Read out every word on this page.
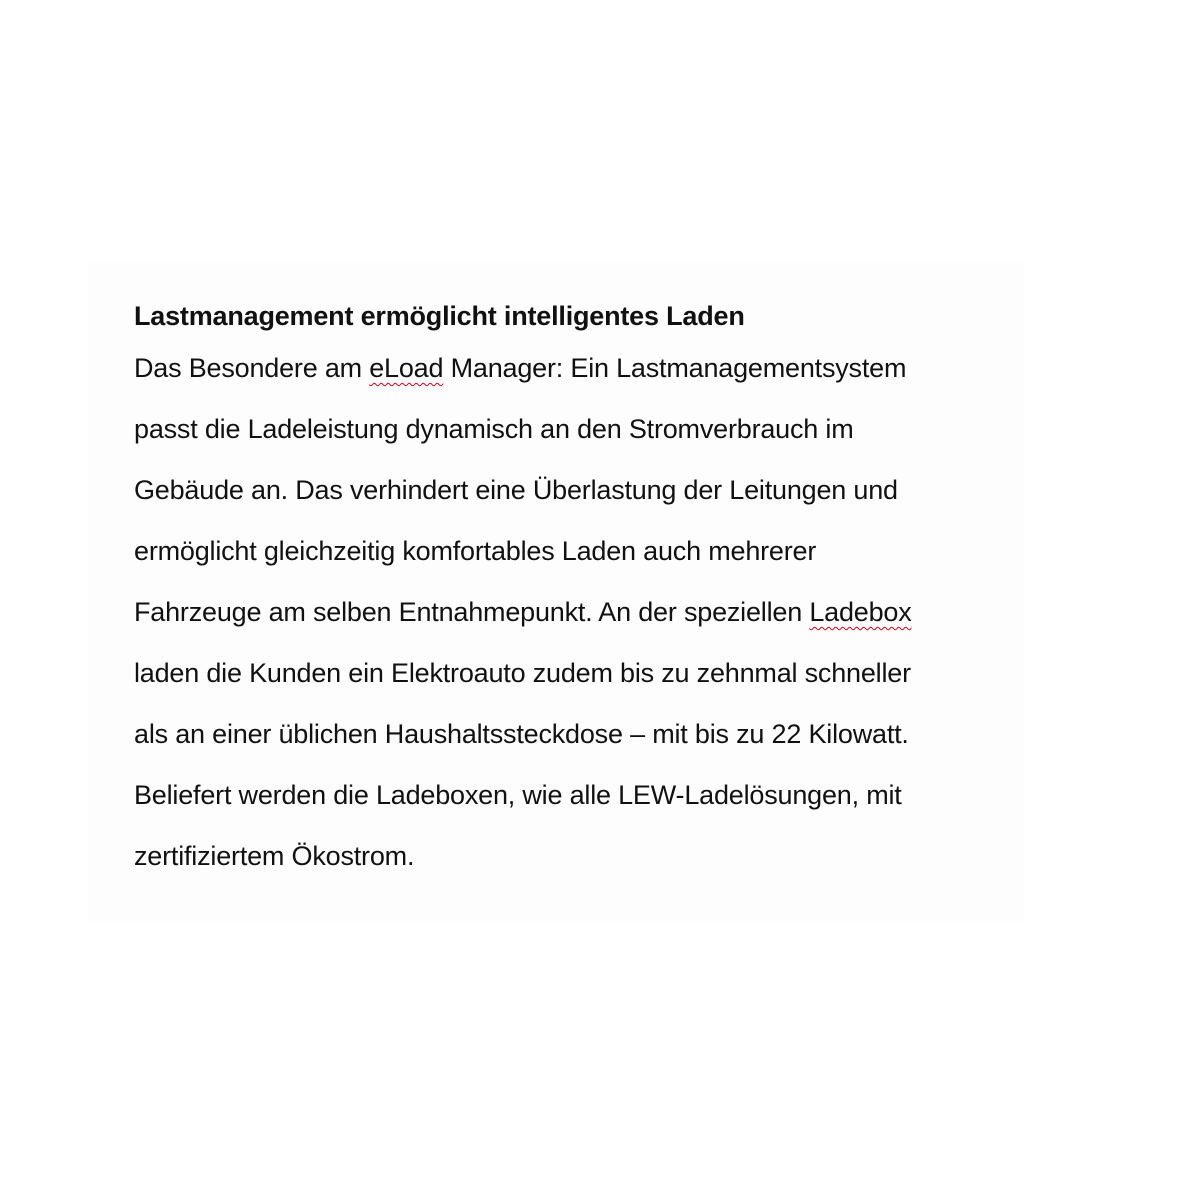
Lastmanagement ermöglicht intelligentes Laden
Das Besondere am eLoad Manager: Ein Lastmanagementsystem
passt die Ladeleistung dynamisch an den Stromverbrauch im
Gebäude an. Das verhindert eine Überlastung der Leitungen und
ermöglicht gleichzeitig komfortables Laden auch mehrerer
Fahrzeuge am selben Entnahmepunkt. An der speziellen Ladebox
laden die Kunden ein Elektroauto zudem bis zu zehnmal schneller
als an einer üblichen Haushaltssteckdose – mit bis zu 22 Kilowatt.
Beliefert werden die Ladeboxen, wie alle LEW-Ladelösungen, mit
zertifiziertem Ökostrom.
